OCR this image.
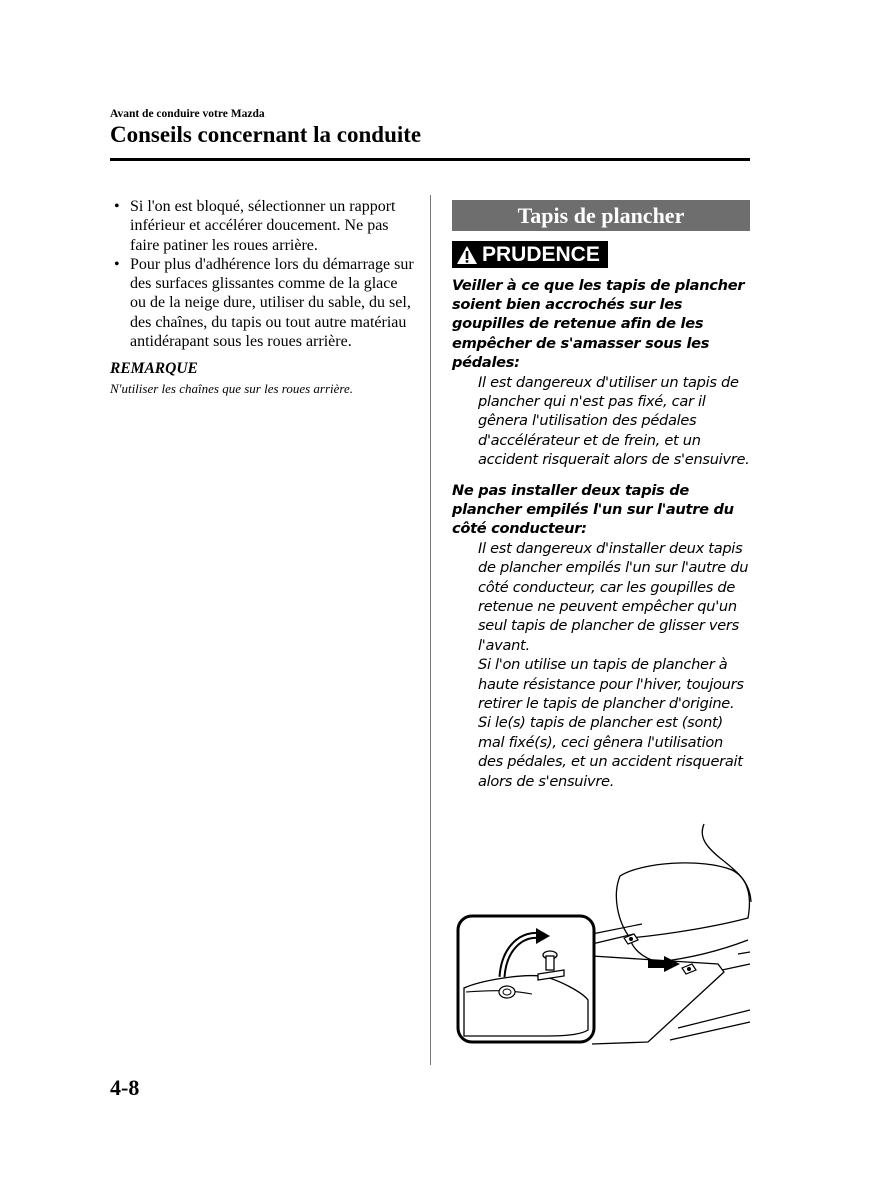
Avant de conduire votre Mazda
Conseils concernant la conduite
• Si l'on est bloqué, sélectionner un rapport inférieur et accélérer doucement. Ne pas faire patiner les roues arrière.
• Pour plus d'adhérence lors du démarrage sur des surfaces glissantes comme de la glace ou de la neige dure, utiliser du sable, du sel, des chaînes, du tapis ou tout autre matériau antidérapant sous les roues arrière.
REMARQUE
N'utiliser les chaînes que sur les roues arrière.
Tapis de plancher
PRUDENCE
Veiller à ce que les tapis de plancher soient bien accrochés sur les goupilles de retenue afin de les empêcher de s'amasser sous les pédales:
Il est dangereux d'utiliser un tapis de plancher qui n'est pas fixé, car il gênera l'utilisation des pédales d'accélérateur et de frein, et un accident risquerait alors de s'ensuivre.
Ne pas installer deux tapis de plancher empilés l'un sur l'autre du côté conducteur:
Il est dangereux d'installer deux tapis de plancher empilés l'un sur l'autre du côté conducteur, car les goupilles de retenue ne peuvent empêcher qu'un seul tapis de plancher de glisser vers l'avant.
Si l'on utilise un tapis de plancher à haute résistance pour l'hiver, toujours retirer le tapis de plancher d'origine.
Si le(s) tapis de plancher est (sont) mal fixé(s), ceci gênera l'utilisation des pédales, et un accident risquerait alors de s'ensuivre.
4-8
